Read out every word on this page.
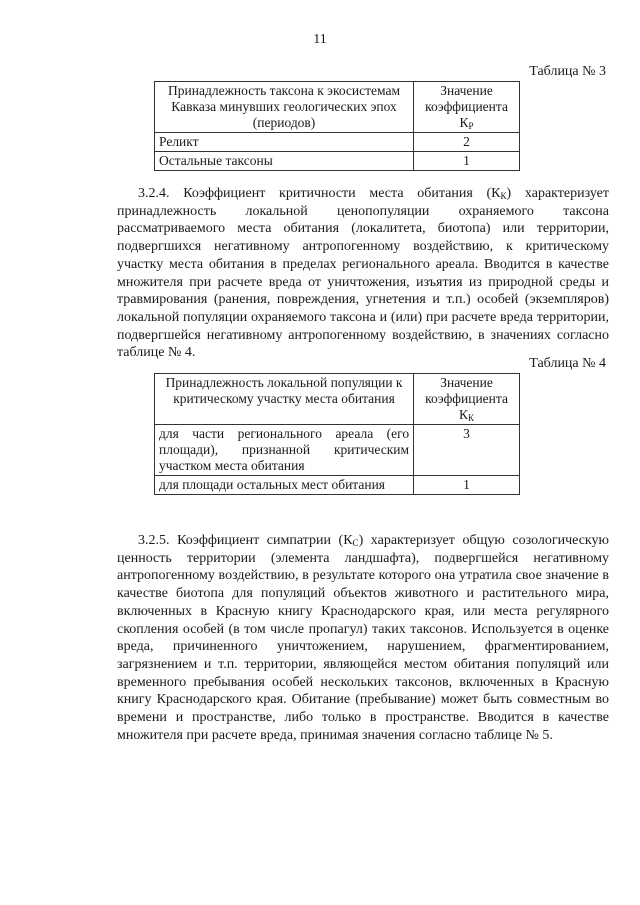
11
Таблица № 3
Принадлежность таксона к экосистемам Кавказа минувших геологических эпох (периодов)	Значение коэффициента
$К_Р$
Реликт	2
Остальные таксоны	1

3.2.4. Коэффициент критичности места обитания $(К_К)$ характеризует принадлежность локальной ценопопуляции охраняемого таксона рассматриваемого места обитания (локалитета, биотопа) или территории, подвергшихся негативному антропогенному воздействию, к критическому участку места обитания в пределах регионального ареала. Вводится в качестве множителя при расчете вреда от уничтожения, изъятия из природной среды и травмирования (ранения, повреждения, угнетения и т.п.) особей (экземпляров) локальной популяции охраняемого таксона и (или) при расчете вреда территории, подвергшейся негативному антропогенному воздействию, в значениях согласно таблице № 4.

Таблица № 4
Принадлежность локальной популяции к критическому участку места обитания	Значение коэффициента
$К_К$
для части регионального ареала (его площади), признанной критическим участком места обитания	3
для площади остальных мест обитания	1

3.2.5. Коэффициент симпатрии $(К_С)$ характеризует общую созологическую ценность территории (элемента ландшафта), подвергшейся негативному антропогенному воздействию, в результате которого она утратила свое значение в качестве биотопа для популяций объектов животного и растительного мира, включенных в Красную книгу Краснодарского края, или места регулярного скопления особей (в том числе пропагул) таких таксонов. Используется в оценке вреда, причиненного уничтожением, нарушением, фрагментированием, загрязнением и т.п. территории, являющейся местом обитания популяций или временного пребывания особей нескольких таксонов, включенных в Красную книгу Краснодарского края. Обитание (пребывание) может быть совместным во времени и пространстве, либо только в пространстве. Вводится в качестве множителя при расчете вреда, принимая значения согласно таблице № 5.
